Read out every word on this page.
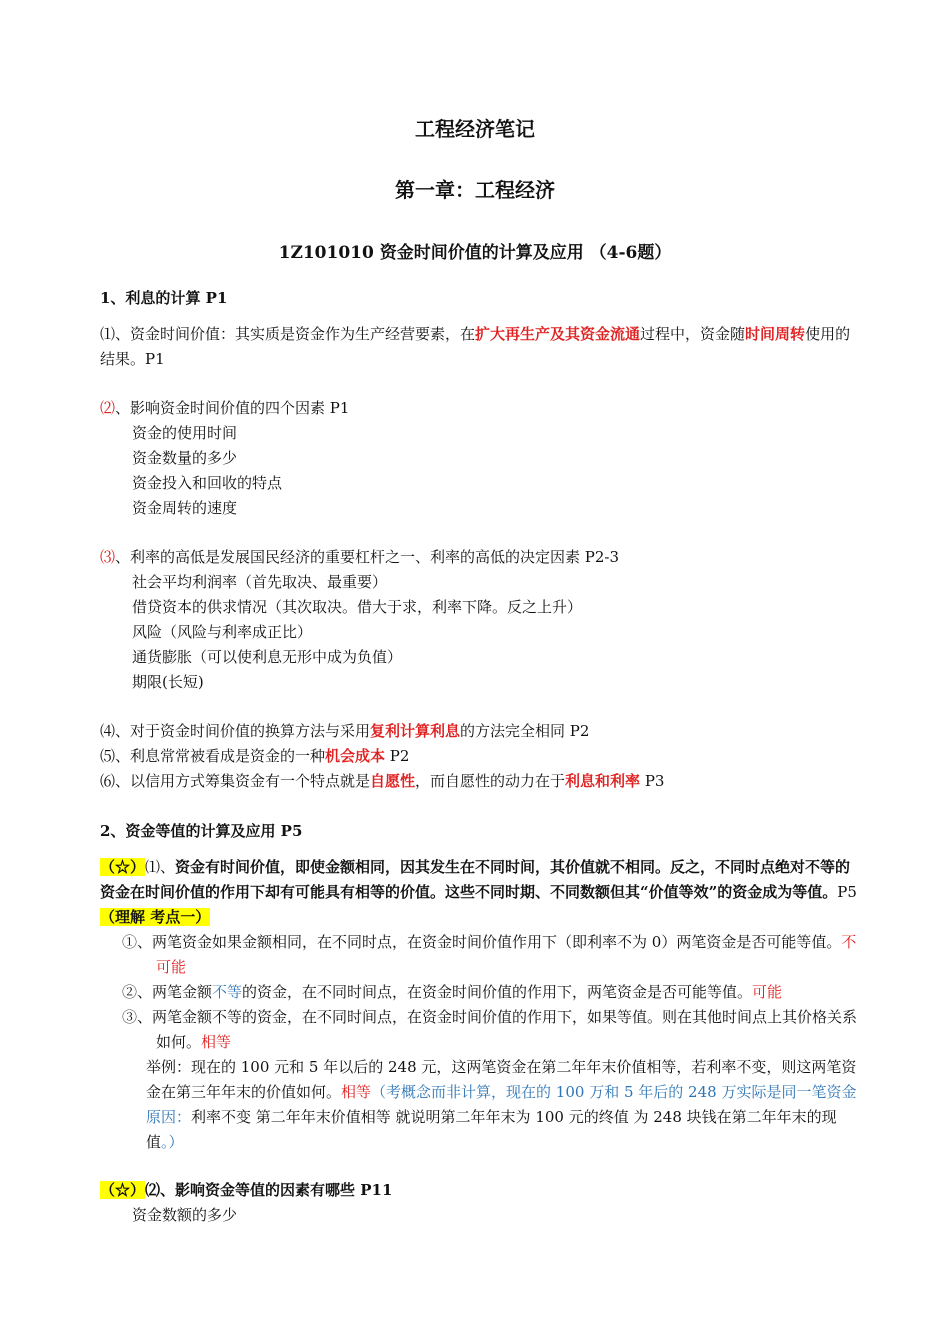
工程经济笔记
第一章：工程经济
1Z101010 资金时间价值的计算及应用 （4-6题）
1、利息的计算 P1
⑴、资金时间价值：其实质是资金作为生产经营要素，在扩大再生产及其资金流通过程中，资金随时间周转使用的结果。P1
⑵、影响资金时间价值的四个因素 P1
资金的使用时间
资金数量的多少
资金投入和回收的特点
资金周转的速度
⑶、利率的高低是发展国民经济的重要杠杆之一、利率的高低的决定因素 P2-3
社会平均利润率（首先取决、最重要）
借贷资本的供求情况（其次取决。借大于求，利率下降。反之上升）
风险（风险与利率成正比）
通货膨胀（可以使利息无形中成为负值）
期限(长短)
⑷、对于资金时间价值的换算方法与采用复利计算利息的方法完全相同 P2
⑸、利息常常被看成是资金的一种机会成本 P2
⑹、以信用方式筹集资金有一个特点就是自愿性，而自愿性的动力在于利息和利率 P3
2、资金等值的计算及应用 P5
（☆）⑴、资金有时间价值，即使金额相同，因其发生在不同时间，其价值就不相同。反之，不同时点绝对不等的资金在时间价值的作用下却有可能具有相等的价值。这些不同时期、不同数额但其“价值等效”的资金成为等值。P5（理解 考点一）
①、两笔资金如果金额相同，在不同时点，在资金时间价值作用下（即利率不为 0）两笔资金是否可能等值。不可能
②、两笔金额不等的资金，在不同时间点，在资金时间价值的作用下，两笔资金是否可能等值。可能
③、两笔金额不等的资金，在不同时间点，在资金时间价值的作用下，如果等值。则在其他时间点上其价格关系如何。相等
举例：现在的 100 元和 5 年以后的 248 元，这两笔资金在第二年年末价值相等，若利率不变，则这两笔资金在第三年年末的价值如何。相等（考概念而非计算，现在的 100 万和 5 年后的 248 万实际是同一笔资金 原因：利率不变 第二年年末价值相等 就说明第二年年末为 100 元的终值 为 248 块钱在第二年年末的现值。）
（☆）⑵、影响资金等值的因素有哪些 P11
资金数额的多少
